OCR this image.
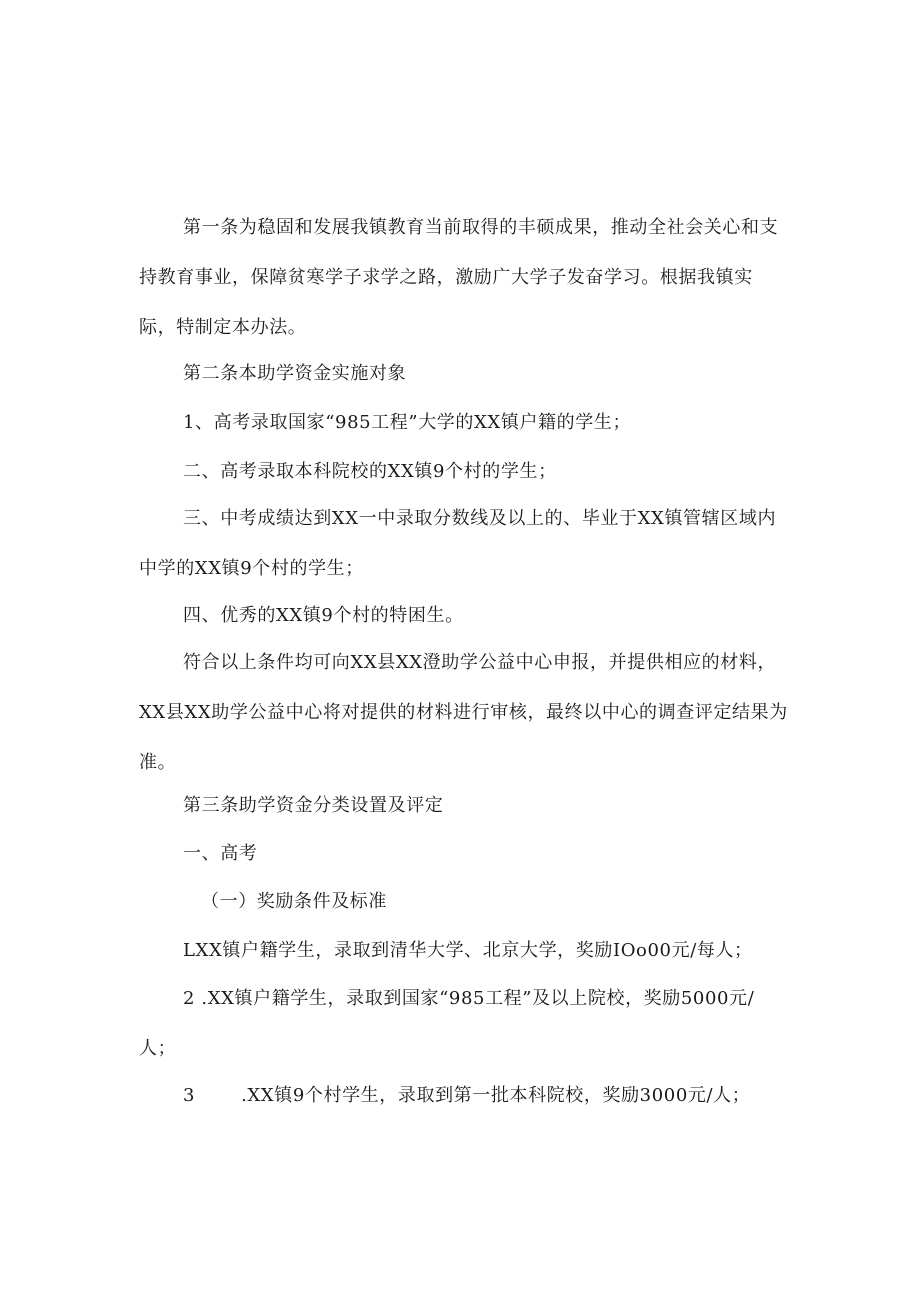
第一条为稳固和发展我镇教育当前取得的丰硕成果，推动全社会关心和支持教育事业，保障贫寒学子求学之路，激励广大学子发奋学习。根据我镇实际，特制定本办法。

第二条本助学资金实施对象

1、高考录取国家“985工程”大学的XX镇户籍的学生；

二、高考录取本科院校的XX镇9个村的学生；

三、中考成绩达到XX一中录取分数线及以上的、毕业于XX镇管辖区域内中学的XX镇9个村的学生；

四、优秀的XX镇9个村的特困生。

符合以上条件均可向XX县XX澄助学公益中心申报，并提供相应的材料，XX县XX助学公益中心将对提供的材料进行审核，最终以中心的调查评定结果为准。

第三条助学资金分类设置及评定

一、高考

（一）奖励条件及标准

LXX镇户籍学生，录取到清华大学、北京大学，奖励IOo00元/每人；

2 .XX镇户籍学生，录取到国家“985工程”及以上院校，奖励5000元/人；

3	.XX镇9个村学生，录取到第一批本科院校，奖励3000元/人；
